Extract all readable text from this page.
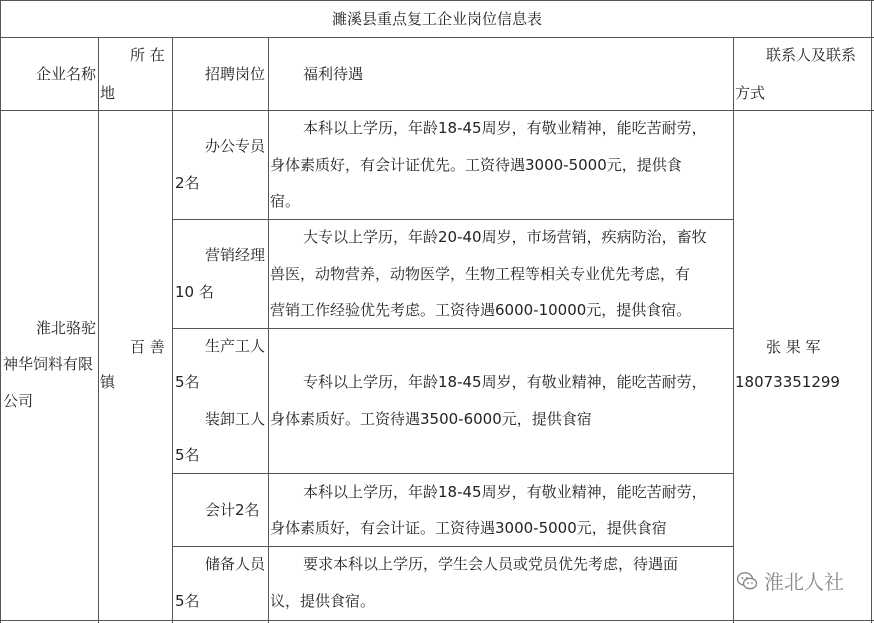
濉溪县重点复工企业岗位信息表
企业名称
所 在
地
招聘岗位	福利待遇
联系人及联系
方式
淮北骆驼
神华饲料有限
公司
百 善
镇
张 果 军
18073351299
办公专员
2名
本科以上学历，年龄18-45周岁，有敬业精神，能吃苦耐劳，
身体素质好，有会计证优先。工资待遇3000-5000元，提供食
宿。
营销经理
10 名
大专以上学历，年龄20-40周岁，市场营销，疾病防治，畜牧
兽医，动物营养，动物医学，生物工程等相关专业优先考虑，有
营销工作经验优先考虑。工资待遇6000-10000元，提供食宿。
生产工人
5名
装卸工人
5名
专科以上学历，年龄18-45周岁，有敬业精神，能吃苦耐劳，
身体素质好。工资待遇3500-6000元，提供食宿
会计2名
本科以上学历，年龄18-45周岁，有敬业精神，能吃苦耐劳，
身体素质好，有会计证。工资待遇3000-5000元，提供食宿
储备人员
5名
要求本科以上学历，学生会人员或党员优先考虑，待遇面
议，提供食宿。
淮北人社
